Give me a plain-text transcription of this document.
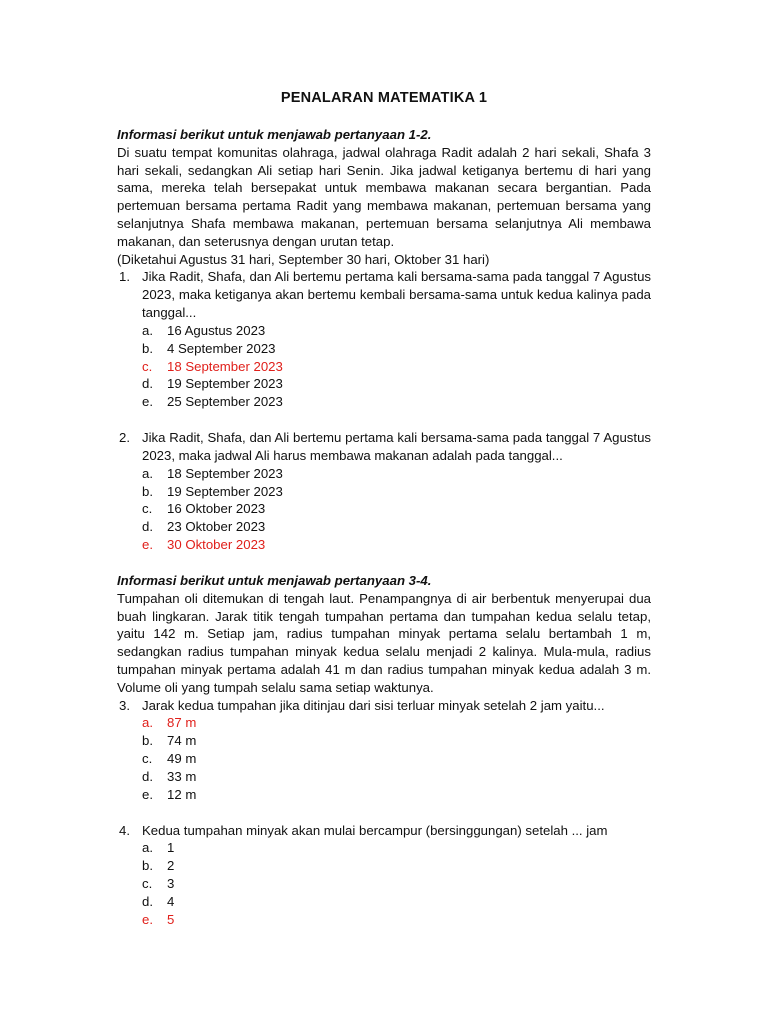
PENALARAN MATEMATIKA 1
Informasi berikut untuk menjawab pertanyaan 1-2.
Di suatu tempat komunitas olahraga, jadwal olahraga Radit adalah 2 hari sekali, Shafa 3 hari sekali, sedangkan Ali setiap hari Senin. Jika jadwal ketiganya bertemu di hari yang sama, mereka telah bersepakat untuk membawa makanan secara bergantian. Pada pertemuan bersama pertama Radit yang membawa makanan, pertemuan bersama yang selanjutnya Shafa membawa makanan, pertemuan bersama selanjutnya Ali membawa makanan, dan seterusnya dengan urutan tetap.
(Diketahui Agustus 31 hari, September 30 hari, Oktober 31 hari)
1. Jika Radit, Shafa, dan Ali bertemu pertama kali bersama-sama pada tanggal 7 Agustus 2023, maka ketiganya akan bertemu kembali bersama-sama untuk kedua kalinya pada tanggal...
a. 16 Agustus 2023
b. 4 September 2023
c. 18 September 2023
d. 19 September 2023
e. 25 September 2023
2. Jika Radit, Shafa, dan Ali bertemu pertama kali bersama-sama pada tanggal 7 Agustus 2023, maka jadwal Ali harus membawa makanan adalah pada tanggal...
a. 18 September 2023
b. 19 September 2023
c. 16 Oktober 2023
d. 23 Oktober 2023
e. 30 Oktober 2023
Informasi berikut untuk menjawab pertanyaan 3-4.
Tumpahan oli ditemukan di tengah laut. Penampangnya di air berbentuk menyerupai dua buah lingkaran. Jarak titik tengah tumpahan pertama dan tumpahan kedua selalu tetap, yaitu 142 m. Setiap jam, radius tumpahan minyak pertama selalu bertambah 1 m, sedangkan radius tumpahan minyak kedua selalu menjadi 2 kalinya. Mula-mula, radius tumpahan minyak pertama adalah 41 m dan radius tumpahan minyak kedua adalah 3 m. Volume oli yang tumpah selalu sama setiap waktunya.
3. Jarak kedua tumpahan jika ditinjau dari sisi terluar minyak setelah 2 jam yaitu...
a. 87 m
b. 74 m
c. 49 m
d. 33 m
e. 12 m
4. Kedua tumpahan minyak akan mulai bercampur (bersinggungan) setelah ... jam
a. 1
b. 2
c. 3
d. 4
e. 5
